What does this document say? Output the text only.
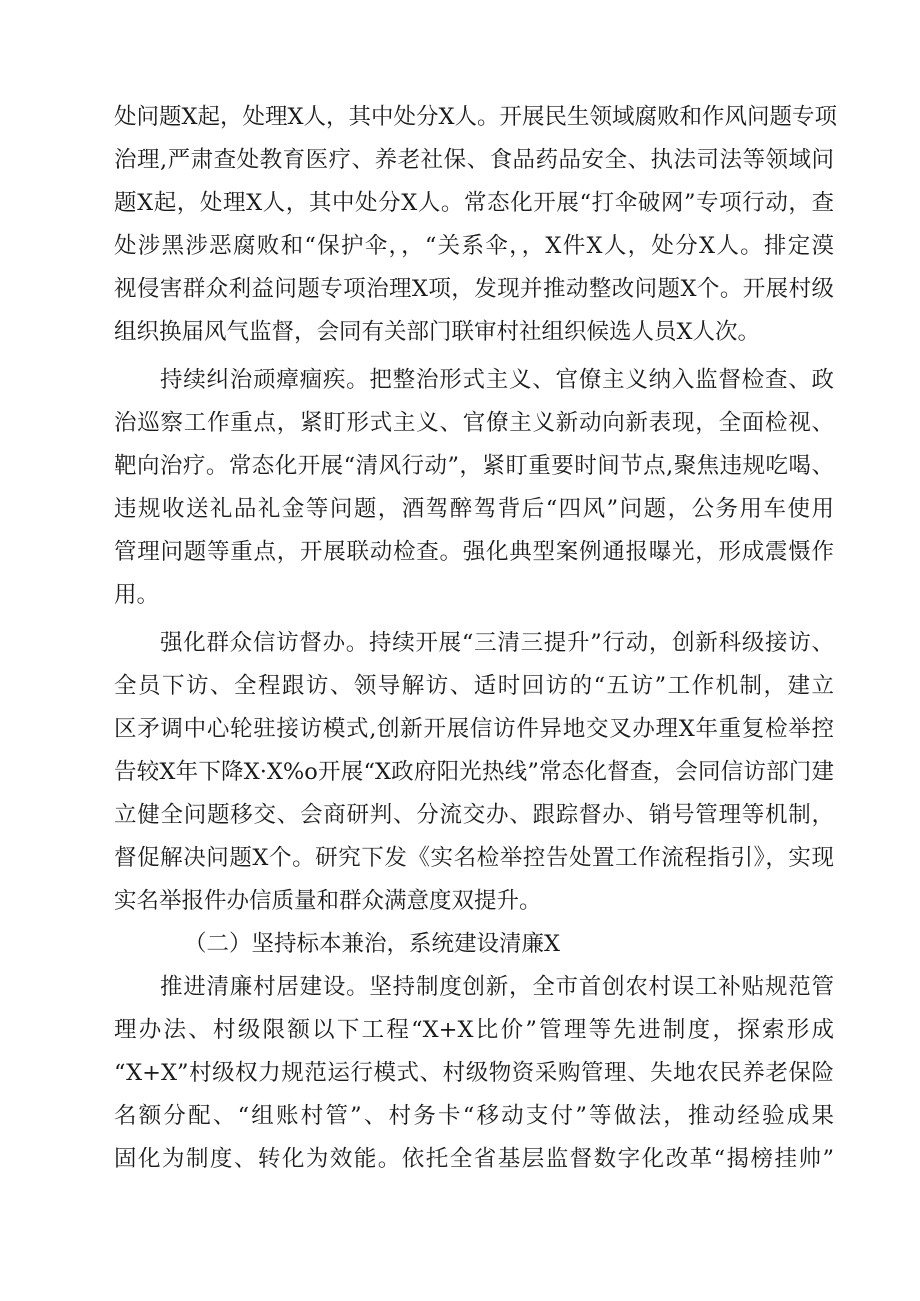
处问题X起，处理X人，其中处分X人。开展民生领域腐败和作风问题专项

治理,严肃查处教育医疗、养老社保、食品药品安全、执法司法等领域问

题X起，处理X人，其中处分X人。常态化开展“打伞破网”专项行动，查

处涉黑涉恶腐败和“保护伞，，“关系伞，，X件X人，处分X人。排定漠

视侵害群众利益问题专项治理X项，发现并推动整改问题X个。开展村级

组织换届风气监督，会同有关部门联审村社组织候选人员X人次。

持续纠治顽瘴痼疾。把整治形式主义、官僚主义纳入监督检查、政

治巡察工作重点，紧盯形式主义、官僚主义新动向新表现，全面检视、

靶向治疗。常态化开展“清风行动”，紧盯重要时间节点,聚焦违规吃喝、

违规收送礼品礼金等问题，酒驾醉驾背后“四风”问题，公务用车使用

管理问题等重点，开展联动检查。强化典型案例通报曝光，形成震慑作

用。

强化群众信访督办。持续开展“三清三提升”行动，创新科级接访、

全员下访、全程跟访、领导解访、适时回访的“五访”工作机制，建立

区矛调中心轮驻接访模式,创新开展信访件异地交叉办理X年重复检举控

告较X年下降X·X%o开展“X政府阳光热线”常态化督查，会同信访部门建

立健全问题移交、会商研判、分流交办、跟踪督办、销号管理等机制，

督促解决问题X个。研究下发《实名检举控告处置工作流程指引》，实现

实名举报件办信质量和群众满意度双提升。

（二）坚持标本兼治，系统建设清廉X

推进清廉村居建设。坚持制度创新，全市首创农村误工补贴规范管

理办法、村级限额以下工程“X+X比价”管理等先进制度，探索形成

“X+X”村级权力规范运行模式、村级物资采购管理、失地农民养老保险

名额分配、“组账村管”、村务卡“移动支付”等做法，推动经验成果

固化为制度、转化为效能。依托全省基层监督数字化改革“揭榜挂帅”
